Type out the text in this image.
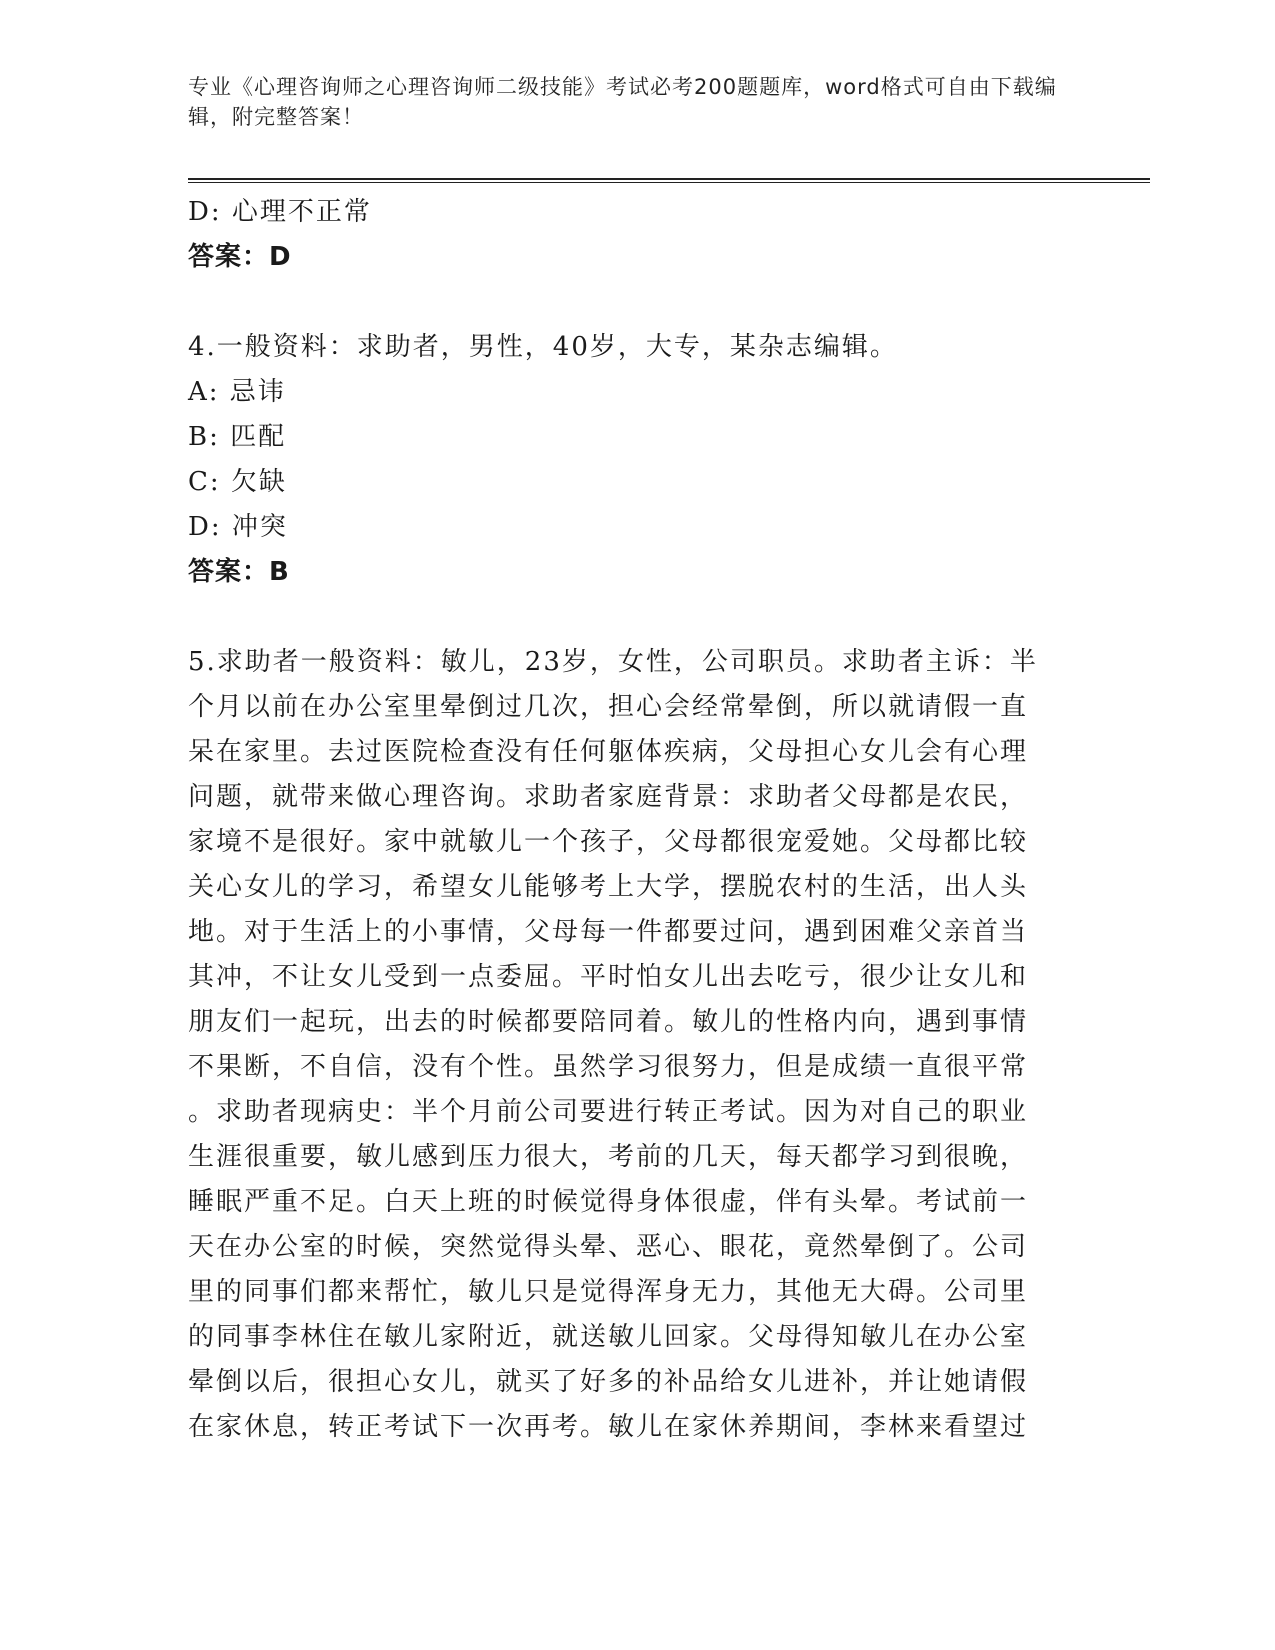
专业《心理咨询师之心理咨询师二级技能》考试必考200题题库，word格式可自由下载编辑，附完整答案！
D: 心理不正常
答案：D
4.一般资料：求助者，男性，40岁，大专，某杂志编辑。
A: 忌讳
B: 匹配
C: 欠缺
D: 冲突
答案：B
5.求助者一般资料：敏儿，23岁，女性，公司职员。求助者主诉：半
个月以前在办公室里晕倒过几次，担心会经常晕倒，所以就请假一直
呆在家里。去过医院检查没有任何躯体疾病，父母担心女儿会有心理
问题，就带来做心理咨询。求助者家庭背景：求助者父母都是农民，
家境不是很好。家中就敏儿一个孩子，父母都很宠爱她。父母都比较
关心女儿的学习，希望女儿能够考上大学，摆脱农村的生活，出人头
地。对于生活上的小事情，父母每一件都要过问，遇到困难父亲首当
其冲，不让女儿受到一点委屈。平时怕女儿出去吃亏，很少让女儿和
朋友们一起玩，出去的时候都要陪同着。敏儿的性格内向，遇到事情
不果断，不自信，没有个性。虽然学习很努力，但是成绩一直很平常
。求助者现病史：半个月前公司要进行转正考试。因为对自己的职业
生涯很重要，敏儿感到压力很大，考前的几天，每天都学习到很晚，
睡眠严重不足。白天上班的时候觉得身体很虚，伴有头晕。考试前一
天在办公室的时候，突然觉得头晕、恶心、眼花，竟然晕倒了。公司
里的同事们都来帮忙，敏儿只是觉得浑身无力，其他无大碍。公司里
的同事李林住在敏儿家附近，就送敏儿回家。父母得知敏儿在办公室
晕倒以后，很担心女儿，就买了好多的补品给女儿进补，并让她请假
在家休息，转正考试下一次再考。敏儿在家休养期间，李林来看望过
